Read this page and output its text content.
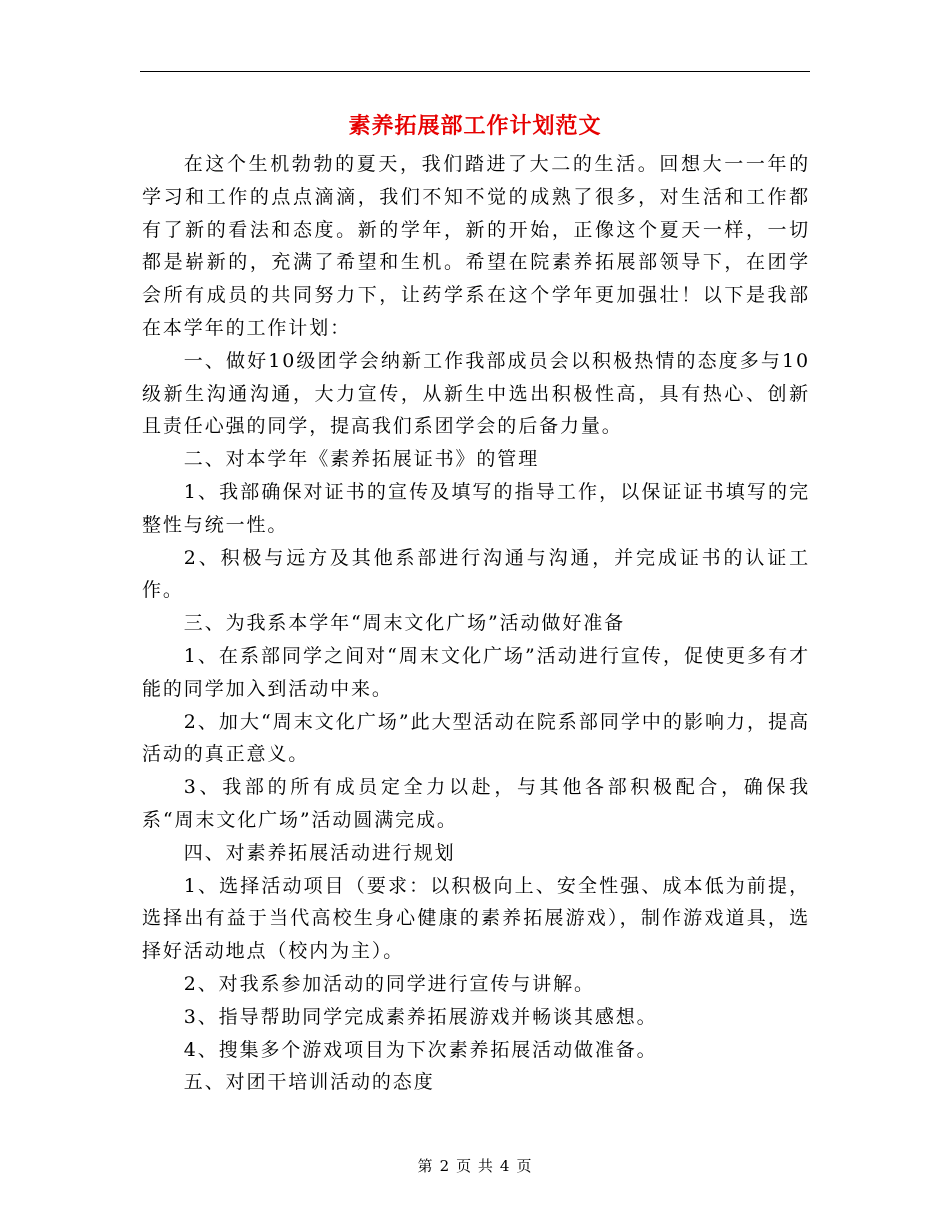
素养拓展部工作计划范文

在这个生机勃勃的夏天，我们踏进了大二的生活。回想大一一年的学习和工作的点点滴滴，我们不知不觉的成熟了很多，对生活和工作都有了新的看法和态度。新的学年，新的开始，正像这个夏天一样，一切都是崭新的，充满了希望和生机。希望在院素养拓展部领导下，在团学会所有成员的共同努力下，让药学系在这个学年更加强壮！以下是我部在本学年的工作计划：

一、做好10级团学会纳新工作我部成员会以积极热情的态度多与10级新生沟通沟通，大力宣传，从新生中选出积极性高，具有热心、创新且责任心强的同学，提高我们系团学会的后备力量。

二、对本学年《素养拓展证书》的管理

1、我部确保对证书的宣传及填写的指导工作，以保证证书填写的完整性与统一性。

2、积极与远方及其他系部进行沟通与沟通，并完成证书的认证工作。

三、为我系本学年“周末文化广场”活动做好准备

1、在系部同学之间对“周末文化广场”活动进行宣传，促使更多有才能的同学加入到活动中来。

2、加大“周末文化广场”此大型活动在院系部同学中的影响力，提高活动的真正意义。

3、我部的所有成员定全力以赴，与其他各部积极配合，确保我系“周末文化广场”活动圆满完成。

四、对素养拓展活动进行规划

1、选择活动项目（要求：以积极向上、安全性强、成本低为前提，选择出有益于当代高校生身心健康的素养拓展游戏），制作游戏道具，选择好活动地点（校内为主）。

2、对我系参加活动的同学进行宣传与讲解。

3、指导帮助同学完成素养拓展游戏并畅谈其感想。

4、搜集多个游戏项目为下次素养拓展活动做准备。

五、对团干培训活动的态度

第 2 页 共 4 页
